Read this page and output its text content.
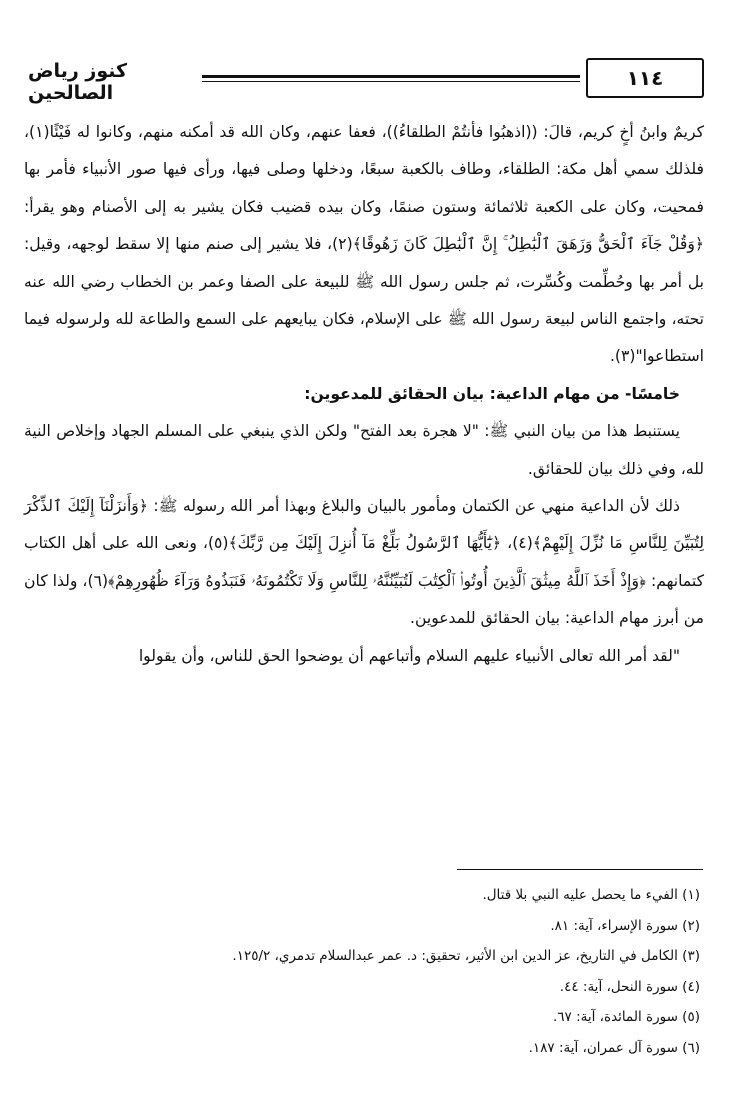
١١٤
كنوز رياض الصالحين

كريمٌ وابنُ أخٍ كريم، قالَ: ((اذهبُوا فأنتُمْ الطلقاءُ))، فعفا عنهم، وكان الله قد أمكنه منهم، وكانوا له فَيْئًا(١)، فلذلك سمي أهل مكة: الطلقاء، وطاف بالكعبة سبعًا، ودخلها وصلى فيها، ورأى فيها صور الأنبياء فأمر بها فمحيت، وكان على الكعبة ثلاثمائة وستون صنمًا، وكان بيده قضيب فكان يشير به إلى الأصنام وهو يقرأ: ﴿وَقُلْ جَآءَ ٱلْحَقُّ وَزَهَقَ ٱلْبَٰطِلُ ۚ إِنَّ ٱلْبَٰطِلَ كَانَ زَهُوقًا﴾(٢)، فلا يشير إلى صنم منها إلا سقط لوجهه، وقيل: بل أمر بها وحُطِّمت وكُسِّرت، ثم جلس رسول الله ﷺ للبيعة على الصفا وعمر بن الخطاب رضي الله عنه تحته، واجتمع الناس لبيعة رسول الله ﷺ على الإسلام، فكان يبايعهم على السمع والطاعة لله ولرسوله فيما استطاعوا"(٣).

خامسًا- من مهام الداعية: بيان الحقائق للمدعوين:

يستنبط هذا من بيان النبي ﷺ: "لا هجرة بعد الفتح" ولكن الذي ينبغي على المسلم الجهاد وإخلاص النية لله، وفي ذلك بيان للحقائق.

ذلك لأن الداعية منهي عن الكتمان ومأمور بالبيان والبلاغ وبهذا أمر الله رسوله ﷺ: ﴿وَأَنزَلْنَآ إِلَيْكَ ٱلذِّكْرَ لِتُبَيِّنَ لِلنَّاسِ مَا نُزِّلَ إِلَيْهِمْ﴾(٤)، ﴿يَٰٓأَيُّهَا ٱلرَّسُولُ بَلِّغْ مَآ أُنزِلَ إِلَيْكَ مِن رَّبِّكَ﴾(٥)، ونعى الله على أهل الكتاب كتمانهم: ﴿وَإِذْ أَخَذَ ٱللَّهُ مِيثَٰقَ ٱلَّذِينَ أُوتُوا۟ ٱلْكِتَٰبَ لَتُبَيِّنُنَّهُۥ لِلنَّاسِ وَلَا تَكْتُمُونَهُۥ فَنَبَذُوهُ وَرَآءَ ظُهُورِهِمْ﴾(٦)، ولذا كان من أبرز مهام الداعية: بيان الحقائق للمدعوين.

"لقد أمر الله تعالى الأنبياء عليهم السلام وأتباعهم أن يوضحوا الحق للناس، وأن يقولوا

(١) الفيء ما يحصل عليه النبي بلا قتال.
(٢) سورة الإسراء، آية: ٨١.
(٣) الكامل في التاريخ، عز الدين ابن الأثير، تحقيق: د. عمر عبدالسلام تدمري، ١٢٥/٢.
(٤) سورة النحل، آية: ٤٤.
(٥) سورة المائدة، آية: ٦٧.
(٦) سورة آل عمران، آية: ١٨٧.
